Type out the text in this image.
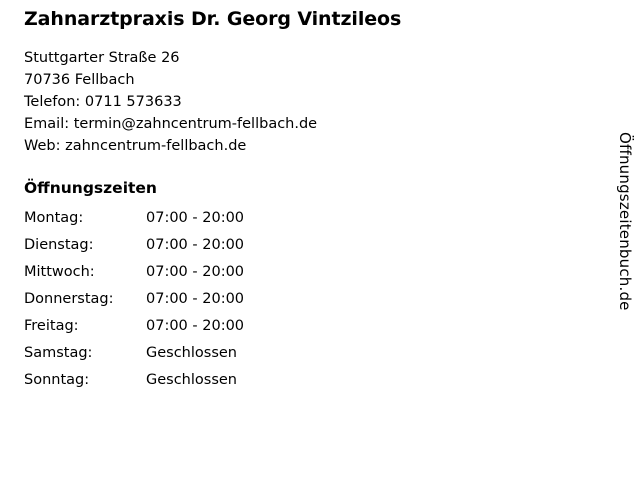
Zahnarztpraxis Dr. Georg Vintzileos

Stuttgarter Straße 26

70736 Fellbach

Telefon: 0711 573633

Email: termin@zahncentrum-fellbach.de

Web: zahncentrum-fellbach.de

Öffnungszeiten
Montag:	07:00 - 20:00
Dienstag:	07:00 - 20:00
Mittwoch:	07:00 - 20:00
Donnerstag:	07:00 - 20:00
Freitag:	07:00 - 20:00
Samstag:	Geschlossen
Sonntag:	Geschlossen
Öffnungszeitenbuch.de
